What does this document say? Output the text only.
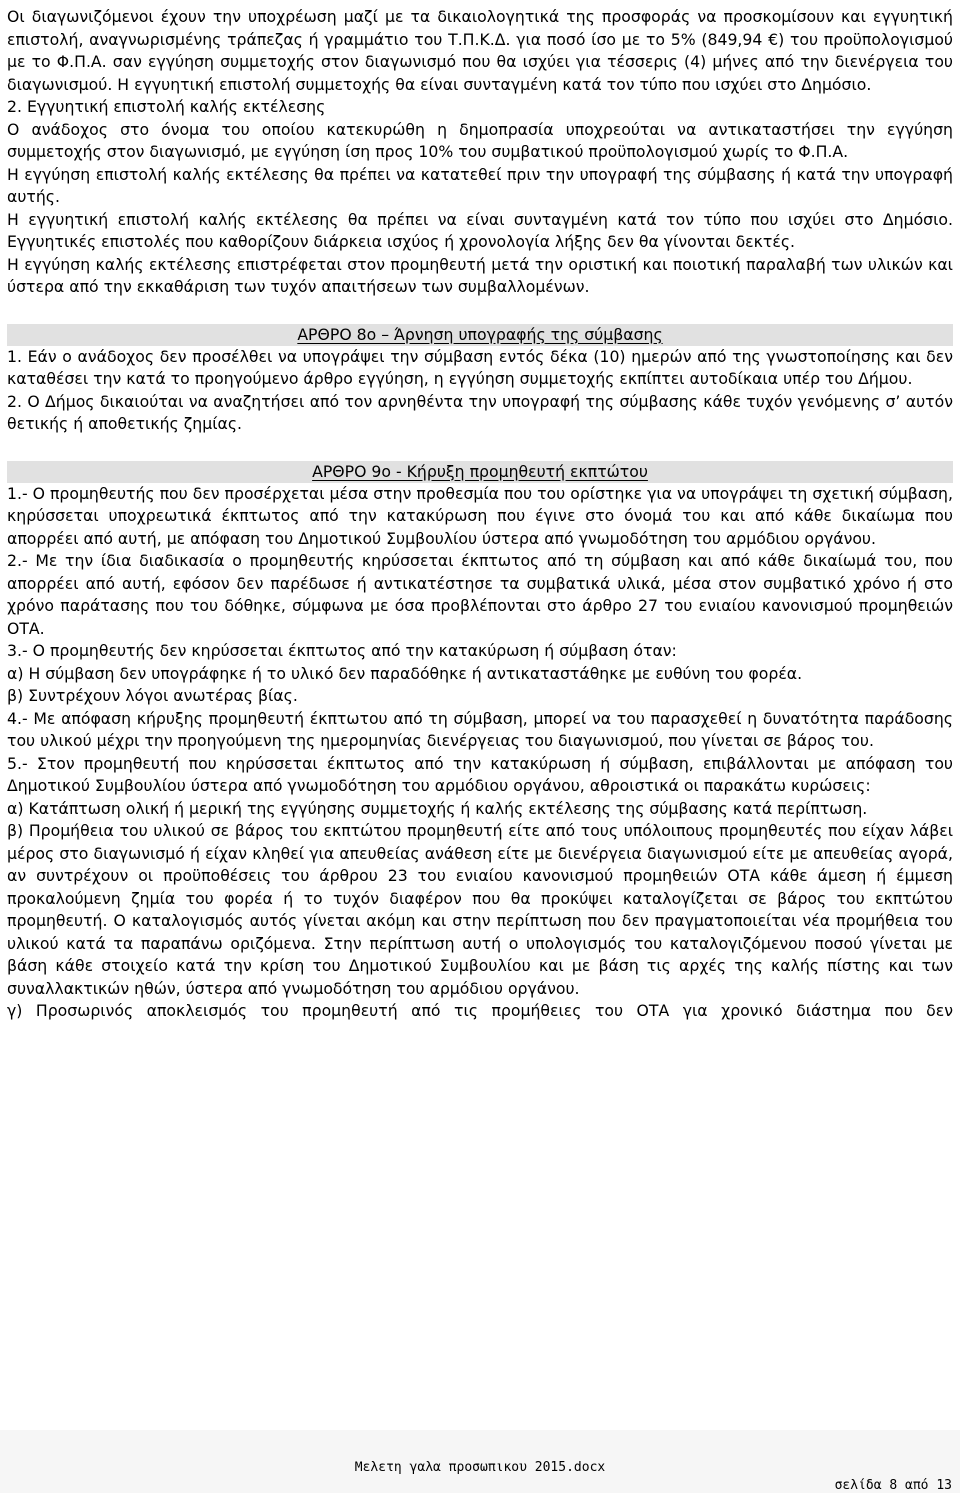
Οι διαγωνιζόμενοι έχουν την υποχρέωση μαζί με τα δικαιολογητικά της προσφοράς να προσκομίσουν και εγγυητική επιστολή, αναγνωρισμένης τράπεζας ή γραμμάτιο του Τ.Π.Κ.Δ. για ποσό ίσο με το 5% (849,94 €) του προϋπολογισμού με το Φ.Π.Α. σαν εγγύηση συμμετοχής στον διαγωνισμό που θα ισχύει για τέσσερις (4) μήνες από την διενέργεια του διαγωνισμού. Η εγγυητική επιστολή συμμετοχής θα είναι συνταγμένη κατά τον τύπο που ισχύει στο Δημόσιο.
2. Εγγυητική επιστολή καλής εκτέλεσης
Ο ανάδοχος στο όνομα του οποίου κατεκυρώθη η δημοπρασία υποχρεούται να αντικαταστήσει την εγγύηση συμμετοχής στον διαγωνισμό, με εγγύηση ίση προς 10% του συμβατικού προϋπολογισμού χωρίς το Φ.Π.Α.
Η εγγύηση επιστολή καλής εκτέλεσης θα πρέπει να κατατεθεί πριν την υπογραφή της σύμβασης ή κατά την υπογραφή αυτής.
Η εγγυητική επιστολή καλής εκτέλεσης θα πρέπει να είναι συνταγμένη κατά τον τύπο που ισχύει στο Δημόσιο. Εγγυητικές επιστολές που καθορίζουν διάρκεια ισχύος ή χρονολογία λήξης δεν θα γίνονται δεκτές.
Η εγγύηση καλής εκτέλεσης επιστρέφεται στον προμηθευτή μετά την οριστική και ποιοτική παραλαβή των υλικών και ύστερα από την εκκαθάριση των τυχόν απαιτήσεων των συμβαλλομένων.
ΑΡΘΡΟ 8ο – Άρνηση υπογραφής της σύμβασης
1. Εάν ο ανάδοχος δεν προσέλθει να υπογράψει την σύμβαση εντός δέκα (10) ημερών από της γνωστοποίησης και δεν καταθέσει την κατά το προηγούμενο άρθρο εγγύηση, η εγγύηση συμμετοχής εκπίπτει αυτοδίκαια υπέρ του Δήμου.
2. Ο Δήμος δικαιούται να αναζητήσει από τον αρνηθέντα την υπογραφή της σύμβασης κάθε τυχόν γενόμενης σ’ αυτόν θετικής ή αποθετικής ζημίας.
ΑΡΘΡΟ 9ο - Κήρυξη προμηθευτή εκπτώτου
1.- Ο προμηθευτής που δεν προσέρχεται μέσα στην προθεσμία που του ορίστηκε για να υπογράψει τη σχετική σύμβαση, κηρύσσεται υποχρεωτικά έκπτωτος από την κατακύρωση που έγινε στο όνομά του και από κάθε δικαίωμα που απορρέει από αυτή, με απόφαση του Δημοτικού Συμβουλίου ύστερα από γνωμοδότηση του αρμόδιου οργάνου.
2.- Με την ίδια διαδικασία ο προμηθευτής κηρύσσεται έκπτωτος από τη σύμβαση και από κάθε δικαίωμά του, που απορρέει από αυτή, εφόσον δεν παρέδωσε ή αντικατέστησε τα συμβατικά υλικά, μέσα στον συμβατικό χρόνο ή στο χρόνο παράτασης που του δόθηκε, σύμφωνα με όσα προβλέπονται στο άρθρο 27 του ενιαίου κανονισμού προμηθειών ΟΤΑ.
3.- Ο προμηθευτής δεν κηρύσσεται έκπτωτος από την κατακύρωση ή σύμβαση όταν:
α) Η σύμβαση δεν υπογράφηκε ή το υλικό δεν παραδόθηκε ή αντικαταστάθηκε με ευθύνη του φορέα.
β) Συντρέχουν λόγοι ανωτέρας βίας.
4.- Με απόφαση κήρυξης προμηθευτή έκπτωτου από τη σύμβαση, μπορεί να του παρασχεθεί η δυνατότητα παράδοσης του υλικού μέχρι την προηγούμενη της ημερομηνίας διενέργειας του διαγωνισμού, που γίνεται σε βάρος του.
5.- Στον προμηθευτή που κηρύσσεται έκπτωτος από την κατακύρωση ή σύμβαση, επιβάλλονται με απόφαση του Δημοτικού Συμβουλίου ύστερα από γνωμοδότηση του αρμόδιου οργάνου, αθροιστικά οι παρακάτω κυρώσεις:
α) Κατάπτωση ολική ή μερική της εγγύησης συμμετοχής ή καλής εκτέλεσης της σύμβασης κατά περίπτωση.
β) Προμήθεια του υλικού σε βάρος του εκπτώτου προμηθευτή είτε από τους υπόλοιπους προμηθευτές που είχαν λάβει μέρος στο διαγωνισμό ή είχαν κληθεί για απευθείας ανάθεση είτε με διενέργεια διαγωνισμού είτε με απευθείας αγορά, αν συντρέχουν οι προϋποθέσεις του άρθρου 23 του ενιαίου κανονισμού προμηθειών ΟΤΑ κάθε άμεση ή έμμεση προκαλούμενη ζημία του φορέα ή το τυχόν διαφέρον που θα προκύψει καταλογίζεται σε βάρος του εκπτώτου προμηθευτή. Ο καταλογισμός αυτός γίνεται ακόμη και στην περίπτωση που δεν πραγματοποιείται νέα προμήθεια του υλικού κατά τα παραπάνω οριζόμενα. Στην περίπτωση αυτή ο υπολογισμός του καταλογιζόμενου ποσού γίνεται με βάση κάθε στοιχείο κατά την κρίση του Δημοτικού Συμβουλίου και με βάση τις αρχές της καλής πίστης και των συναλλακτικών ηθών, ύστερα από γνωμοδότηση του αρμόδιου οργάνου.
γ) Προσωρινός αποκλεισμός του προμηθευτή από τις προμήθειες του ΟΤΑ για χρονικό διάστημα που δεν
Μελετη γαλα προσωπικου 2015.docx
σελίδα 8 από 13
